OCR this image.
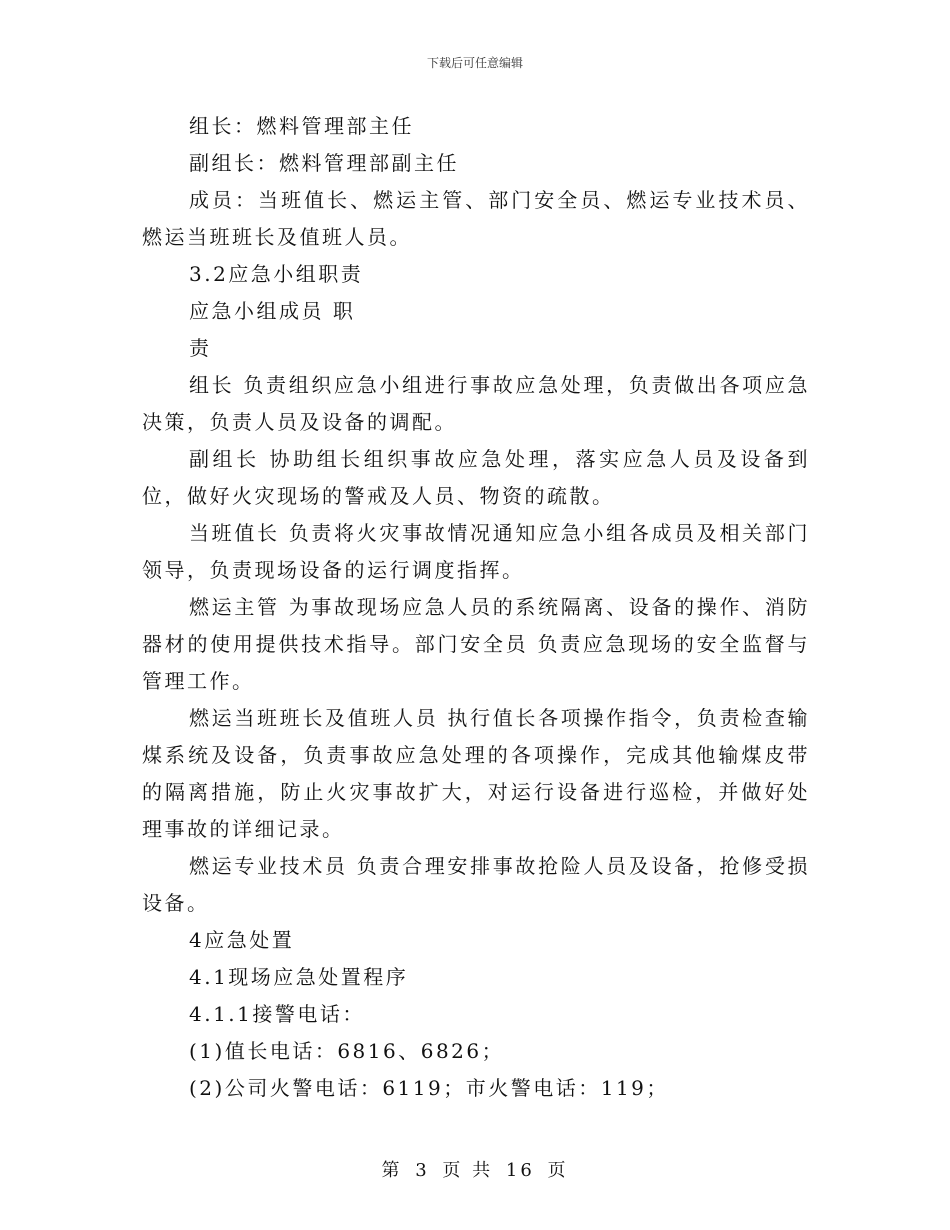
下载后可任意编辑

组长：燃料管理部主任

副组长：燃料管理部副主任

成员：当班值长、燃运主管、部门安全员、燃运专业技术员、燃运当班班长及值班人员。

3.2应急小组职责

应急小组成员 职

责

组长 负责组织应急小组进行事故应急处理，负责做出各项应急决策，负责人员及设备的调配。

副组长 协助组长组织事故应急处理，落实应急人员及设备到位，做好火灾现场的警戒及人员、物资的疏散。

当班值长 负责将火灾事故情况通知应急小组各成员及相关部门领导，负责现场设备的运行调度指挥。

燃运主管 为事故现场应急人员的系统隔离、设备的操作、消防器材的使用提供技术指导。部门安全员 负责应急现场的安全监督与管理工作。

燃运当班班长及值班人员 执行值长各项操作指令，负责检查输煤系统及设备，负责事故应急处理的各项操作，完成其他输煤皮带的隔离措施，防止火灾事故扩大，对运行设备进行巡检，并做好处理事故的详细记录。

燃运专业技术员 负责合理安排事故抢险人员及设备，抢修受损设备。

4应急处置

4.1现场应急处置程序

4.1.1接警电话：

(1)值长电话：6816、6826；

(2)公司火警电话：6119；市火警电话：119；

第 3 页 共 16 页
